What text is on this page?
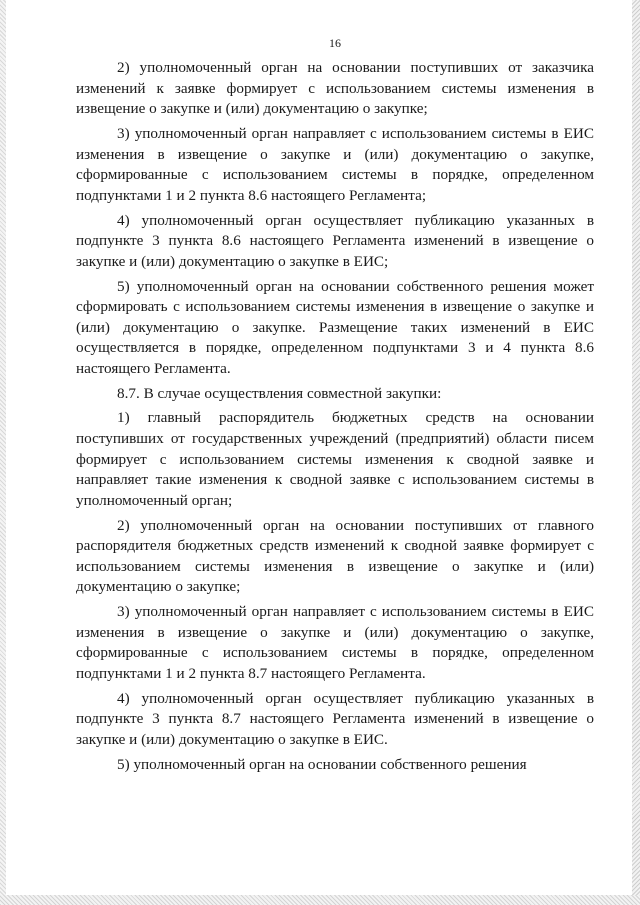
16

2) уполномоченный орган на основании поступивших от заказчика изменений к заявке формирует с использованием системы изменения в извещение о закупке и (или) документацию о закупке;

3) уполномоченный орган направляет с использованием системы в ЕИС изменения в извещение о закупке и (или) документацию о закупке, сформированные с использованием системы в порядке, определенном подпунктами 1 и 2 пункта 8.6 настоящего Регламента;

4) уполномоченный орган осуществляет публикацию указанных в подпункте 3 пункта 8.6 настоящего Регламента изменений в извещение о закупке и (или) документацию о закупке в ЕИС;

5) уполномоченный орган на основании собственного решения может сформировать с использованием системы изменения в извещение о закупке и (или) документацию о закупке. Размещение таких изменений в ЕИС осуществляется в порядке, определенном подпунктами 3 и 4 пункта 8.6 настоящего Регламента.

8.7. В случае осуществления совместной закупки:

1) главный распорядитель бюджетных средств на основании поступивших от государственных учреждений (предприятий) области писем формирует с использованием системы изменения к сводной заявке и направляет такие изменения к сводной заявке с использованием системы в уполномоченный орган;

2) уполномоченный орган на основании поступивших от главного распорядителя бюджетных средств изменений к сводной заявке формирует с использованием системы изменения в извещение о закупке и (или) документацию о закупке;

3) уполномоченный орган направляет с использованием системы в ЕИС изменения в извещение о закупке и (или) документацию о закупке, сформированные с использованием системы в порядке, определенном подпунктами 1 и 2 пункта 8.7 настоящего Регламента.

4) уполномоченный орган осуществляет публикацию указанных в подпункте 3 пункта 8.7 настоящего Регламента изменений в извещение о закупке и (или) документацию о закупке в ЕИС.

5) уполномоченный орган на основании собственного решения
